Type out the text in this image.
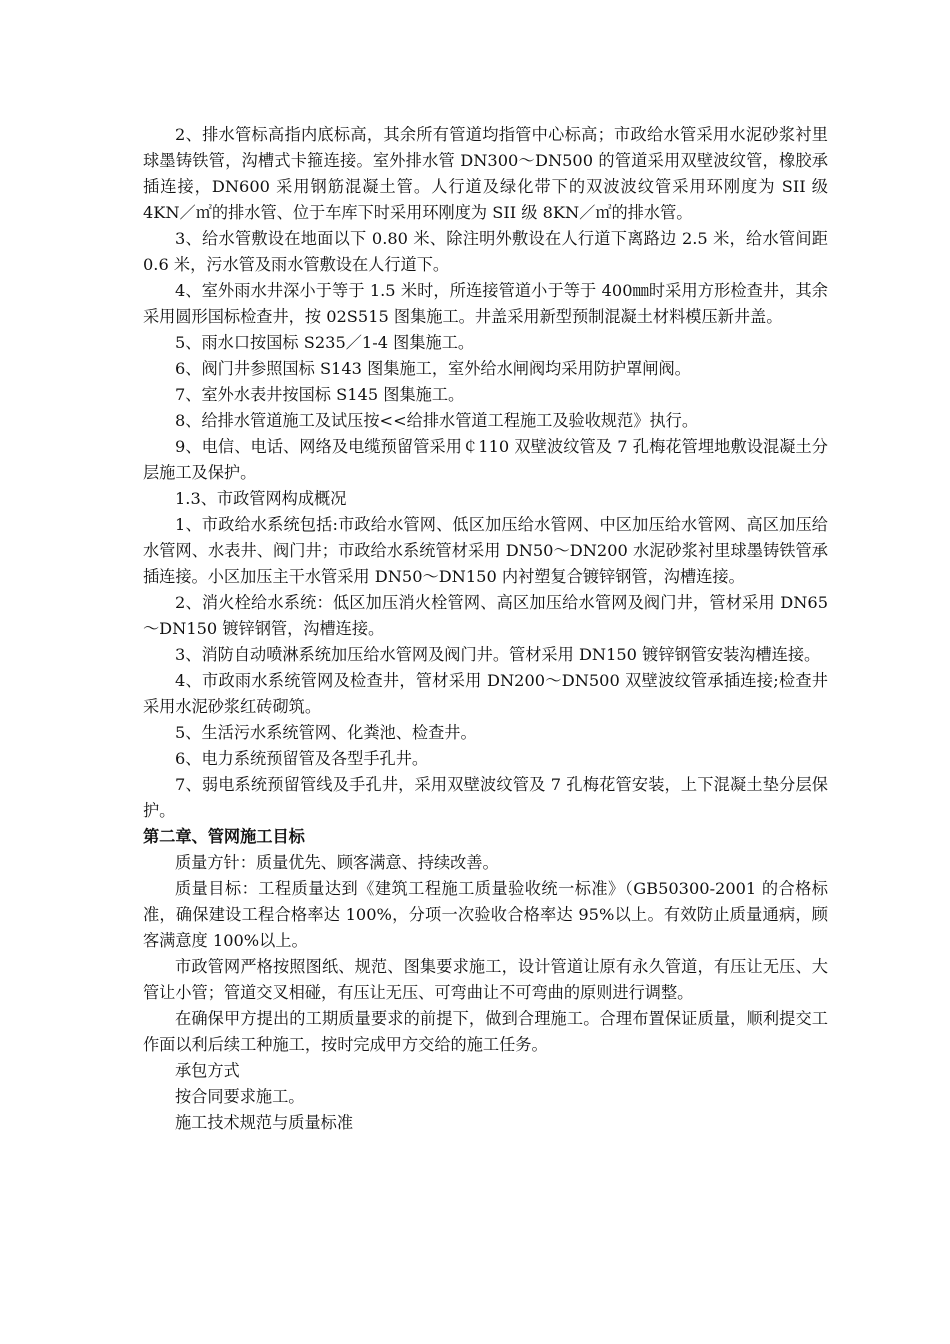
2、排水管标高指内底标高，其余所有管道均指管中心标高；市政给水管采用水泥砂浆衬里球墨铸铁管，沟槽式卡箍连接。室外排水管 DN300～DN500 的管道采用双壁波纹管，橡胶承插连接，DN600 采用钢筋混凝土管。人行道及绿化带下的双波波纹管采用环刚度为 SII 级 4KN／㎡的排水管、位于车库下时采用环刚度为 SII 级 8KN／㎡的排水管。

3、给水管敷设在地面以下 0.80 米、除注明外敷设在人行道下离路边 2.5 米，给水管间距 0.6 米，污水管及雨水管敷设在人行道下。

4、室外雨水井深小于等于 1.5 米时，所连接管道小于等于 400㎜时采用方形检查井，其余采用圆形国标检查井，按 02S515 图集施工。井盖采用新型预制混凝土材料模压新井盖。

5、雨水口按国标 S235／1-4 图集施工。

6、阀门井参照国标 S143 图集施工，室外给水闸阀均采用防护罩闸阀。

7、室外水表井按国标 S145 图集施工。

8、给排水管道施工及试压按<<给排水管道工程施工及验收规范》执行。

9、电信、电话、网络及电缆预留管采用￠110 双壁波纹管及 7 孔梅花管埋地敷设混凝土分层施工及保护。

1.3、市政管网构成概况

1、市政给水系统包括:市政给水管网、低区加压给水管网、中区加压给水管网、高区加压给水管网、水表井、阀门井；市政给水系统管材采用 DN50～DN200 水泥砂浆衬里球墨铸铁管承插连接。小区加压主干水管采用 DN50～DN150 内衬塑复合镀锌钢管，沟槽连接。

2、消火栓给水系统：低区加压消火栓管网、高区加压给水管网及阀门井，管材采用 DN65～DN150 镀锌钢管，沟槽连接。

3、消防自动喷淋系统加压给水管网及阀门井。管材采用 DN150 镀锌钢管安装沟槽连接。

4、市政雨水系统管网及检查井，管材采用 DN200～DN500 双壁波纹管承插连接;检查井采用水泥砂浆红砖砌筑。

5、生活污水系统管网、化粪池、检查井。

6、电力系统预留管及各型手孔井。

7、弱电系统预留管线及手孔井，采用双壁波纹管及 7 孔梅花管安装，上下混凝土垫分层保护。

第二章、管网施工目标

质量方针：质量优先、顾客满意、持续改善。

质量目标：工程质量达到《建筑工程施工质量验收统一标准》（GB50300-2001 的合格标准，确保建设工程合格率达 100%，分项一次验收合格率达 95%以上。有效防止质量通病，顾客满意度 100%以上。

市政管网严格按照图纸、规范、图集要求施工，设计管道让原有永久管道，有压让无压、大管让小管；管道交叉相碰，有压让无压、可弯曲让不可弯曲的原则进行调整。

在确保甲方提出的工期质量要求的前提下，做到合理施工。合理布置保证质量，顺利提交工作面以利后续工种施工，按时完成甲方交给的施工任务。

承包方式

按合同要求施工。

施工技术规范与质量标准
